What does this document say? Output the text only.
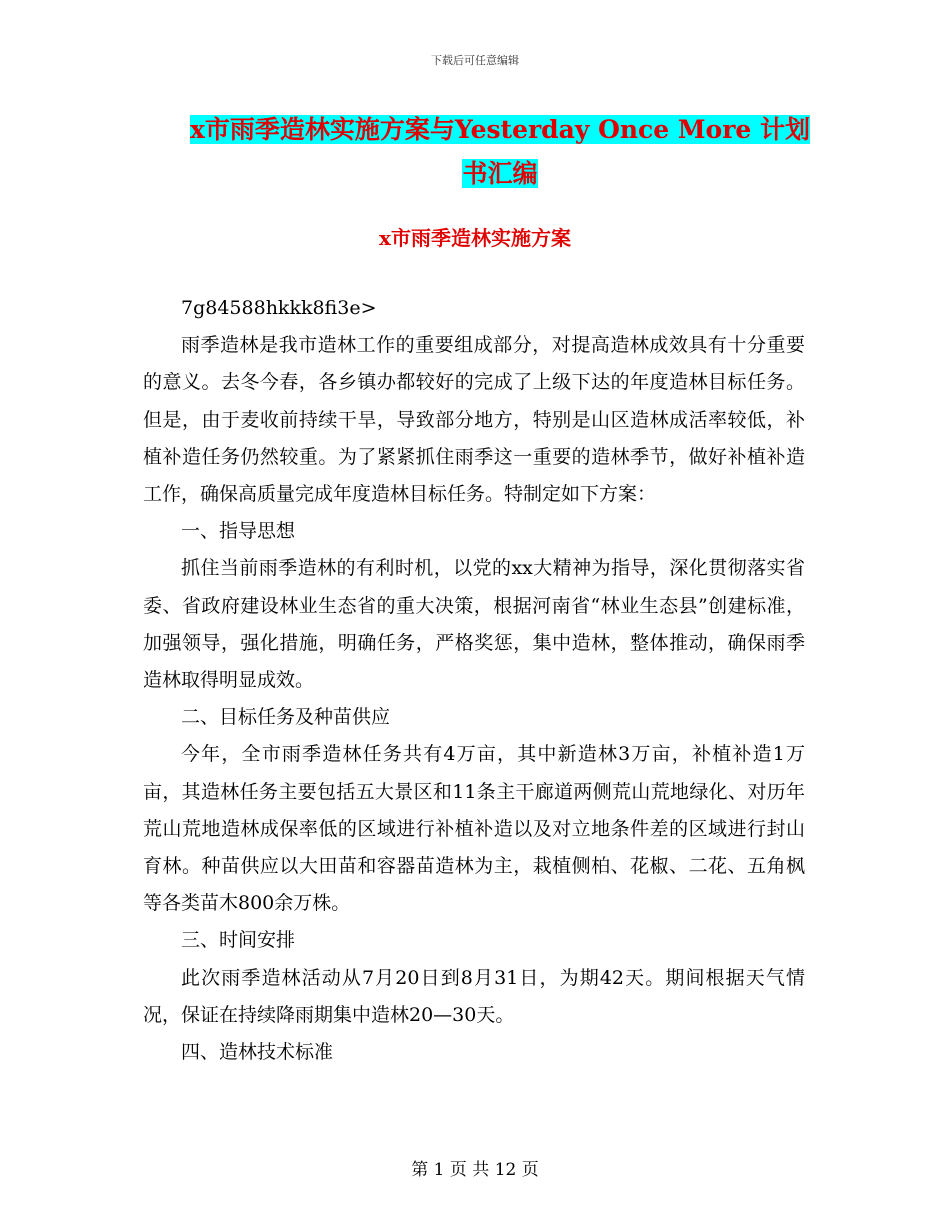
下载后可任意编辑
x市雨季造林实施方案与Yesterday Once More 计划
书汇编
x市雨季造林实施方案

7g84588hkkk8fi3e>

雨季造林是我市造林工作的重要组成部分，对提高造林成效具有十分重要的意义。去冬今春，各乡镇办都较好的完成了上级下达的年度造林目标任务。但是，由于麦收前持续干旱，导致部分地方，特别是山区造林成活率较低，补植补造任务仍然较重。为了紧紧抓住雨季这一重要的造林季节，做好补植补造工作，确保高质量完成年度造林目标任务。特制定如下方案：

一、指导思想

抓住当前雨季造林的有利时机，以党的xx大精神为指导，深化贯彻落实省委、省政府建设林业生态省的重大决策，根据河南省“林业生态县”创建标准，加强领导，强化措施，明确任务，严格奖惩，集中造林，整体推动，确保雨季造林取得明显成效。

二、目标任务及种苗供应

今年，全市雨季造林任务共有4万亩，其中新造林3万亩，补植补造1万亩，其造林任务主要包括五大景区和11条主干廊道两侧荒山荒地绿化、对历年荒山荒地造林成保率低的区域进行补植补造以及对立地条件差的区域进行封山育林。种苗供应以大田苗和容器苗造林为主，栽植侧柏、花椒、二花、五角枫等各类苗木800余万株。

三、时间安排

此次雨季造林活动从7月20日到8月31日，为期42天。期间根据天气情况，保证在持续降雨期集中造林20—30天。

四、造林技术标准

第 1 页 共 12 页
